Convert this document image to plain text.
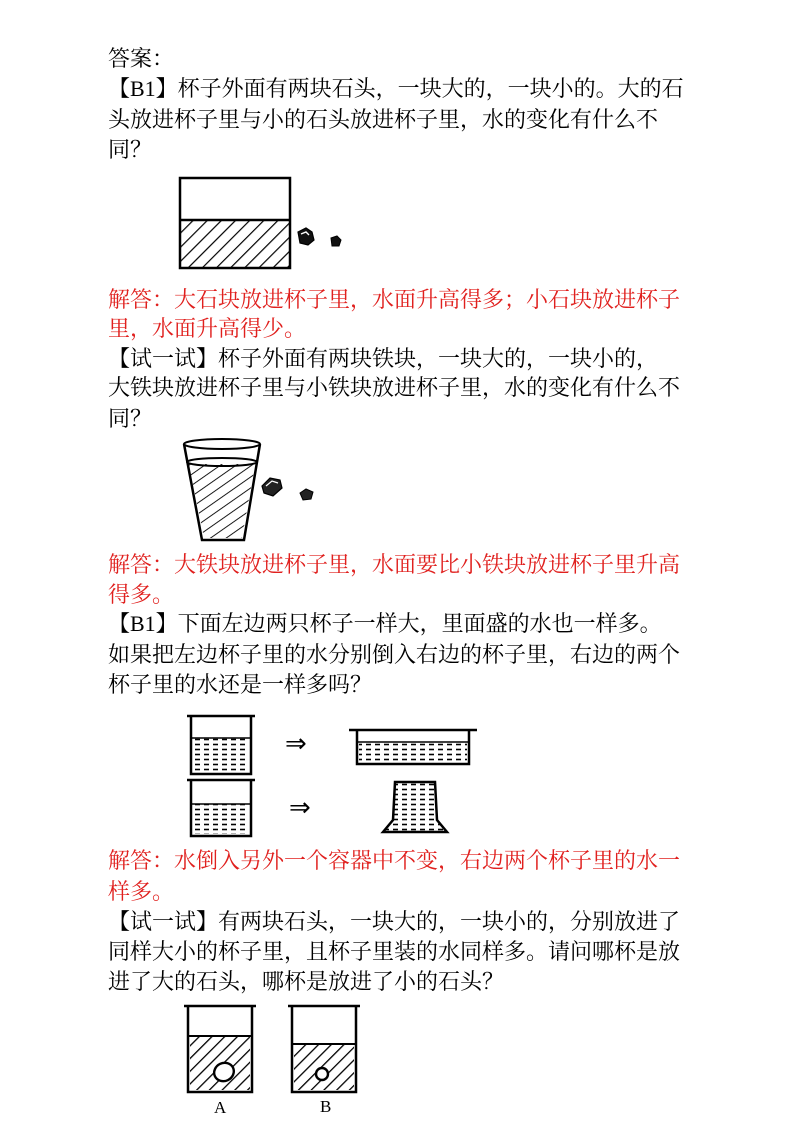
答案：
【B1】杯子外面有两块石头，一块大的，一块小的。大的石
头放进杯子里与小的石头放进杯子里，水的变化有什么不
同？
解答：大石块放进杯子里，水面升高得多；小石块放进杯子
里，水面升高得少。
【试一试】杯子外面有两块铁块，一块大的，一块小的，
大铁块放进杯子里与小铁块放进杯子里，水的变化有什么不
同？
解答：大铁块放进杯子里，水面要比小铁块放进杯子里升高
得多。
【B1】下面左边两只杯子一样大，里面盛的水也一样多。
如果把左边杯子里的水分别倒入右边的杯子里，右边的两个
杯子里的水还是一样多吗？
⇒
⇒
解答：水倒入另外一个容器中不变，右边两个杯子里的水一
样多。
【试一试】有两块石头，一块大的，一块小的，分别放进了
同样大小的杯子里，且杯子里装的水同样多。请问哪杯是放
进了大的石头，哪杯是放进了小的石头？
A	B
